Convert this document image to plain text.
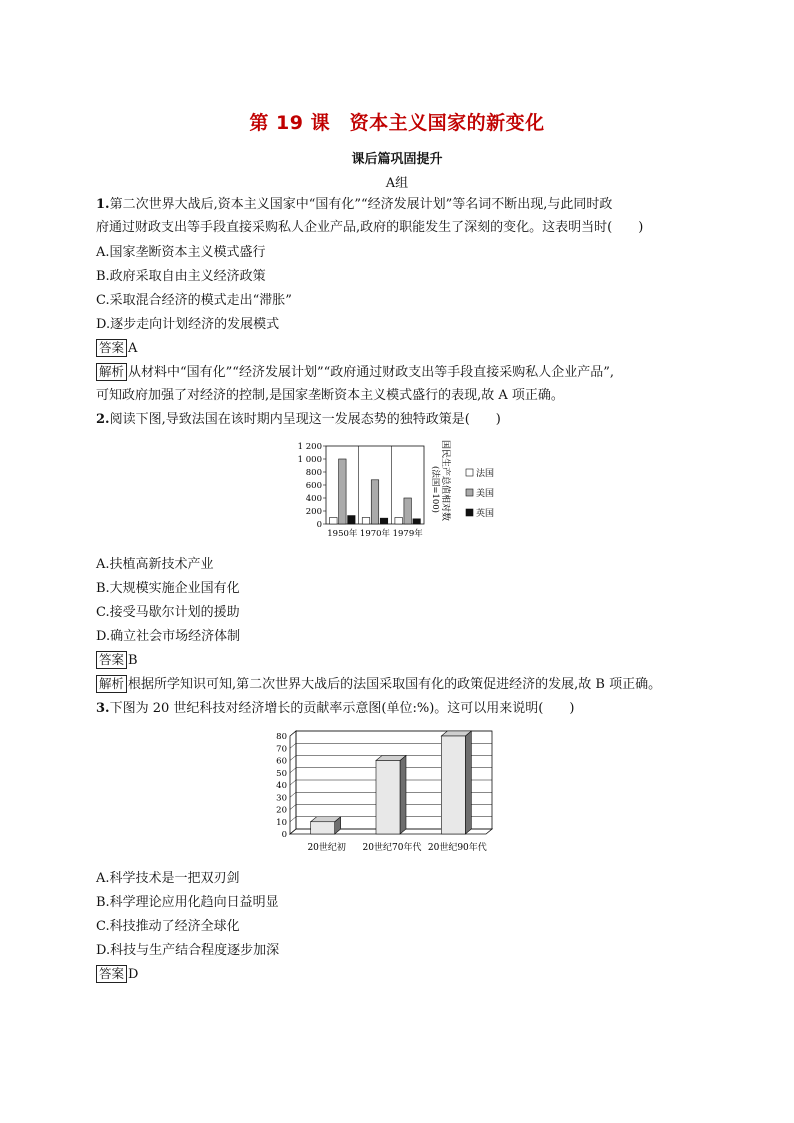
第 19 课　资本主义国家的新变化
课后篇巩固提升
A组
1.第二次世界大战后,资本主义国家中“国有化”“经济发展计划”等名词不断出现,与此同时政
府通过财政支出等手段直接采购私人企业产品,政府的职能发生了深刻的变化。这表明当时(　　)
A.国家垄断资本主义模式盛行
B.政府采取自由主义经济政策
C.采取混合经济的模式走出“滞胀”
D.逐步走向计划经济的发展模式
答案 A
解析 从材料中“国有化”“经济发展计划”“政府通过财政支出等手段直接采购私人企业产品”,
可知政府加强了对经济的控制,是国家垄断资本主义模式盛行的表现,故 A 项正确。
2.阅读下图,导致法国在该时期内呈现这一发展态势的独特政策是(　　)
0
200
400
600
800
1 000
1 200
1950年 1970年 1979年
国民生产总值相对数
(法国=100)	法国
美国
英国
A.扶植高新技术产业
B.大规模实施企业国有化
C.接受马歇尔计划的援助
D.确立社会市场经济体制
答案 B
解析 根据所学知识可知,第二次世界大战后的法国采取国有化的政策促进经济的发展,故 B 项正确。
3.下图为 20 世纪科技对经济增长的贡献率示意图(单位:%)。这可以用来说明(　　)
0
10
20
30
40
50
60
70
80
20世纪初 20世纪70年代 20世纪90年代
A.科学技术是一把双刃剑
B.科学理论应用化趋向日益明显
C.科技推动了经济全球化
D.科技与生产结合程度逐步加深
答案 D
